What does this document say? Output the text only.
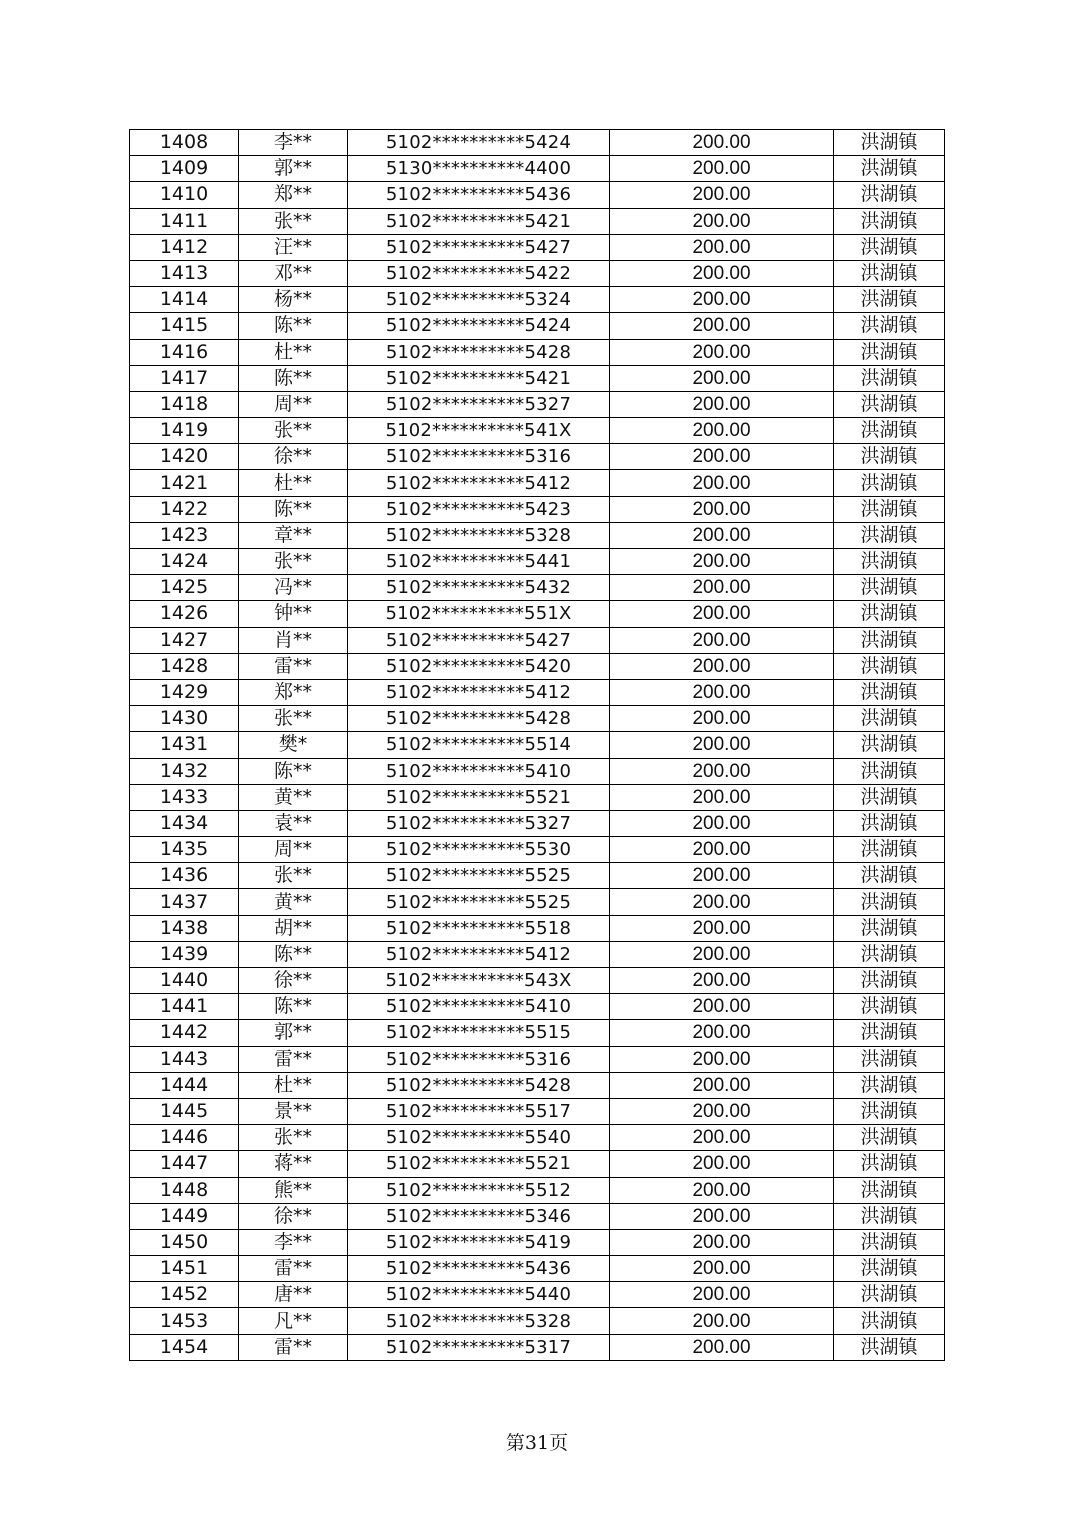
1408	李**	5102**********5424	200.00	洪湖镇
1409	郭**	5130**********4400	200.00	洪湖镇
1410	郑**	5102**********5436	200.00	洪湖镇
1411	张**	5102**********5421	200.00	洪湖镇
1412	汪**	5102**********5427	200.00	洪湖镇
1413	邓**	5102**********5422	200.00	洪湖镇
1414	杨**	5102**********5324	200.00	洪湖镇
1415	陈**	5102**********5424	200.00	洪湖镇
1416	杜**	5102**********5428	200.00	洪湖镇
1417	陈**	5102**********5421	200.00	洪湖镇
1418	周**	5102**********5327	200.00	洪湖镇
1419	张**	5102**********541X	200.00	洪湖镇
1420	徐**	5102**********5316	200.00	洪湖镇
1421	杜**	5102**********5412	200.00	洪湖镇
1422	陈**	5102**********5423	200.00	洪湖镇
1423	章**	5102**********5328	200.00	洪湖镇
1424	张**	5102**********5441	200.00	洪湖镇
1425	冯**	5102**********5432	200.00	洪湖镇
1426	钟**	5102**********551X	200.00	洪湖镇
1427	肖**	5102**********5427	200.00	洪湖镇
1428	雷**	5102**********5420	200.00	洪湖镇
1429	郑**	5102**********5412	200.00	洪湖镇
1430	张**	5102**********5428	200.00	洪湖镇
1431	樊*	5102**********5514	200.00	洪湖镇
1432	陈**	5102**********5410	200.00	洪湖镇
1433	黄**	5102**********5521	200.00	洪湖镇
1434	袁**	5102**********5327	200.00	洪湖镇
1435	周**	5102**********5530	200.00	洪湖镇
1436	张**	5102**********5525	200.00	洪湖镇
1437	黄**	5102**********5525	200.00	洪湖镇
1438	胡**	5102**********5518	200.00	洪湖镇
1439	陈**	5102**********5412	200.00	洪湖镇
1440	徐**	5102**********543X	200.00	洪湖镇
1441	陈**	5102**********5410	200.00	洪湖镇
1442	郭**	5102**********5515	200.00	洪湖镇
1443	雷**	5102**********5316	200.00	洪湖镇
1444	杜**	5102**********5428	200.00	洪湖镇
1445	景**	5102**********5517	200.00	洪湖镇
1446	张**	5102**********5540	200.00	洪湖镇
1447	蒋**	5102**********5521	200.00	洪湖镇
1448	熊**	5102**********5512	200.00	洪湖镇
1449	徐**	5102**********5346	200.00	洪湖镇
1450	李**	5102**********5419	200.00	洪湖镇
1451	雷**	5102**********5436	200.00	洪湖镇
1452	唐**	5102**********5440	200.00	洪湖镇
1453	凡**	5102**********5328	200.00	洪湖镇
1454	雷**	5102**********5317	200.00	洪湖镇
第31页
